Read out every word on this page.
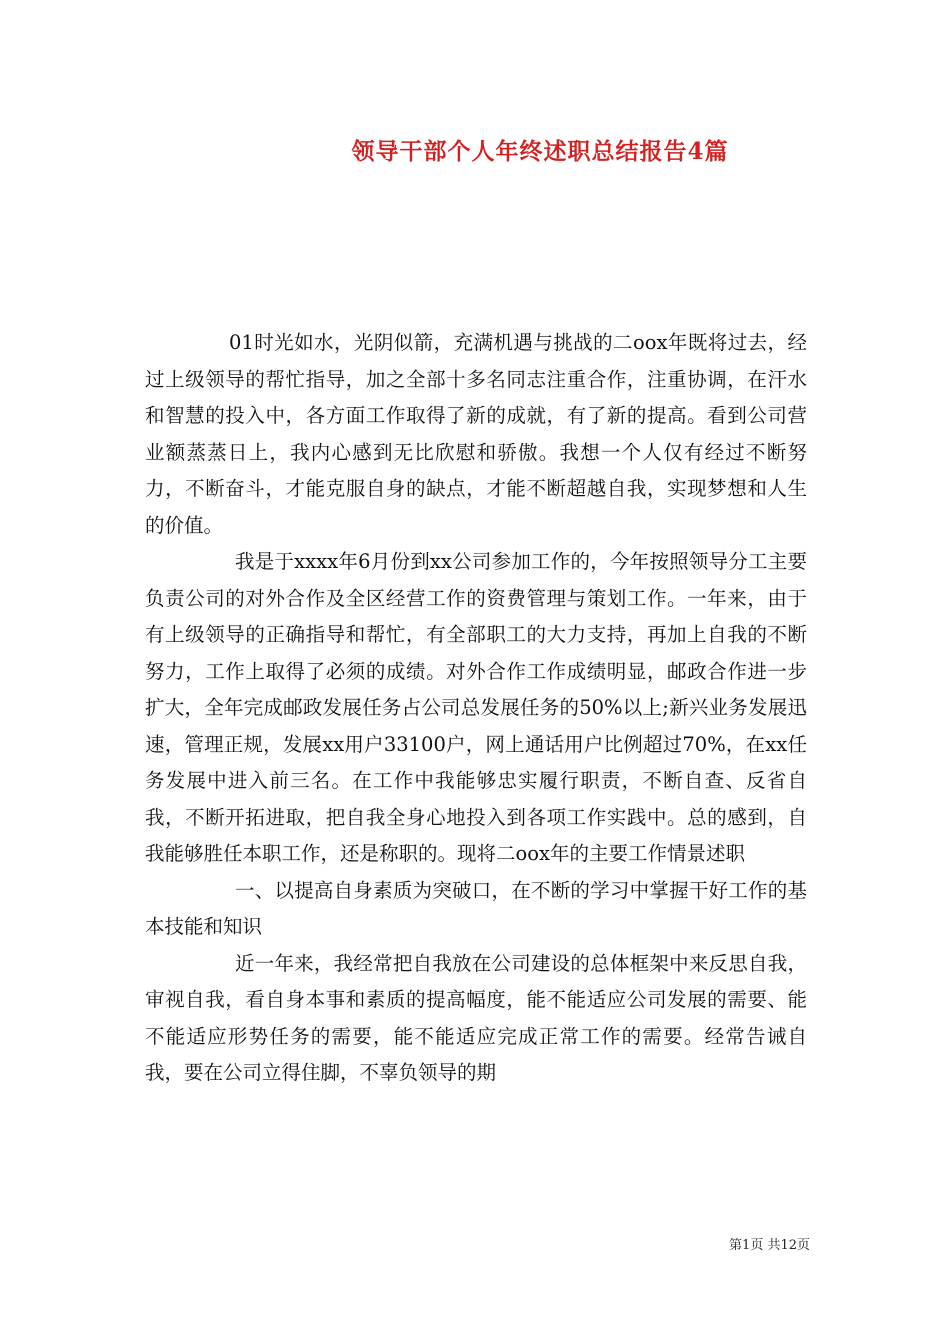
领导干部个人年终述职总结报告4篇

01时光如水，光阴似箭，充满机遇与挑战的二oox年既将过去，经过上级领导的帮忙指导，加之全部十多名同志注重合作，注重协调，在汗水和智慧的投入中，各方面工作取得了新的成就，有了新的提高。看到公司营业额蒸蒸日上，我内心感到无比欣慰和骄傲。我想一个人仅有经过不断努力，不断奋斗，才能克服自身的缺点，才能不断超越自我，实现梦想和人生的价值。

我是于xxxx年6月份到xx公司参加工作的，今年按照领导分工主要负责公司的对外合作及全区经营工作的资费管理与策划工作。一年来，由于有上级领导的正确指导和帮忙，有全部职工的大力支持，再加上自我的不断努力，工作上取得了必须的成绩。对外合作工作成绩明显，邮政合作进一步扩大，全年完成邮政发展任务占公司总发展任务的50%以上;新兴业务发展迅速，管理正规，发展xx用户33100户，网上通话用户比例超过70%，在xx任务发展中进入前三名。在工作中我能够忠实履行职责，不断自查、反省自我，不断开拓进取，把自我全身心地投入到各项工作实践中。总的感到，自我能够胜任本职工作，还是称职的。现将二oox年的主要工作情景述职

一、以提高自身素质为突破口，在不断的学习中掌握干好工作的基本技能和知识

近一年来，我经常把自我放在公司建设的总体框架中来反思自我，审视自我，看自身本事和素质的提高幅度，能不能适应公司发展的需要、能不能适应形势任务的需要，能不能适应完成正常工作的需要。经常告诫自我，要在公司立得住脚，不辜负领导的期

第1页 共12页
